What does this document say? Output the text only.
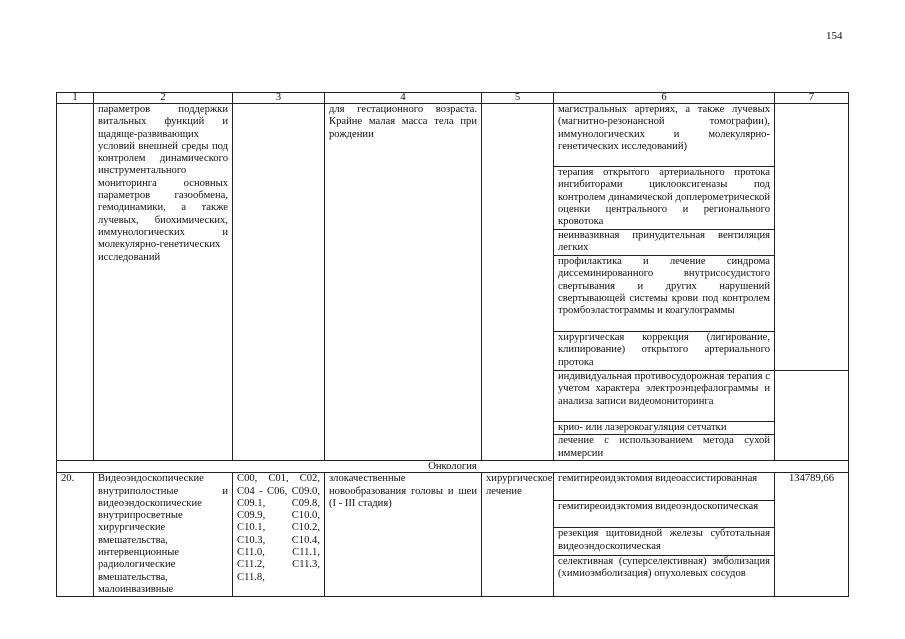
154
1	2	3	4	5	6	7
	параметров поддержки витальных функций и щадяще-развивающих условий внешней среды под контролем динамического инструментального мониторинга основных параметров газообмена, гемодинамики, а также лучевых, биохимических, иммунологических и молекулярно-генетических исследований		для гестационного возраста. Крайне малая масса тела при рождении		магистральных артериях, а также лучевых (магнитно-резонансной томографии), иммунологических и молекулярно-генетических исследований)	
					терапия открытого артериального протока ингибиторами циклооксигеназы под контролем динамической доплерометрической оценки центрального и регионального кровотока	
					неинвазивная принудительная вентиляция легких	
					профилактика и лечение синдрома диссеминированного внутрисосудистого свертывания и других нарушений свертывающей системы крови под контролем тромбоэластограммы и коагулограммы	
					хирургическая коррекция (лигирование, клипирование) открытого артериального протока	
					индивидуальная противосудорожная терапия с учетом характера электроэнцефалограммы и анализа записи видеомониторинга	
					крио- или лазерокоагуляция сетчатки	
					лечение с использованием метода сухой иммерсии	
Онкология						
20.	Видеоэндоскопические внутриполостные и видеоэндоскопические внутрипросветные хирургические вмешательства, интервенционные радиологические вмешательства, малоинвазивные	C00, C01, C02, C04 - C06, C09.0, C09.1, C09.8, C09.9, C10.0, C10.1, C10.2, C10.3, C10.4, C11.0, C11.1, C11.2, C11.3, C11.8,	злокачественные новообразования головы и шеи (I - III стадия)	хирургическое лечение	гемитиреоидэктомия видеоассистированная	134789,66
					гемитиреоидэктомия видеоэндоскопическая	
					резекция щитовидной железы субтотальная видеоэндоскопическая	
					селективная (суперселективная) эмболизация (химиоэмболизация) опухолевых сосудов	
